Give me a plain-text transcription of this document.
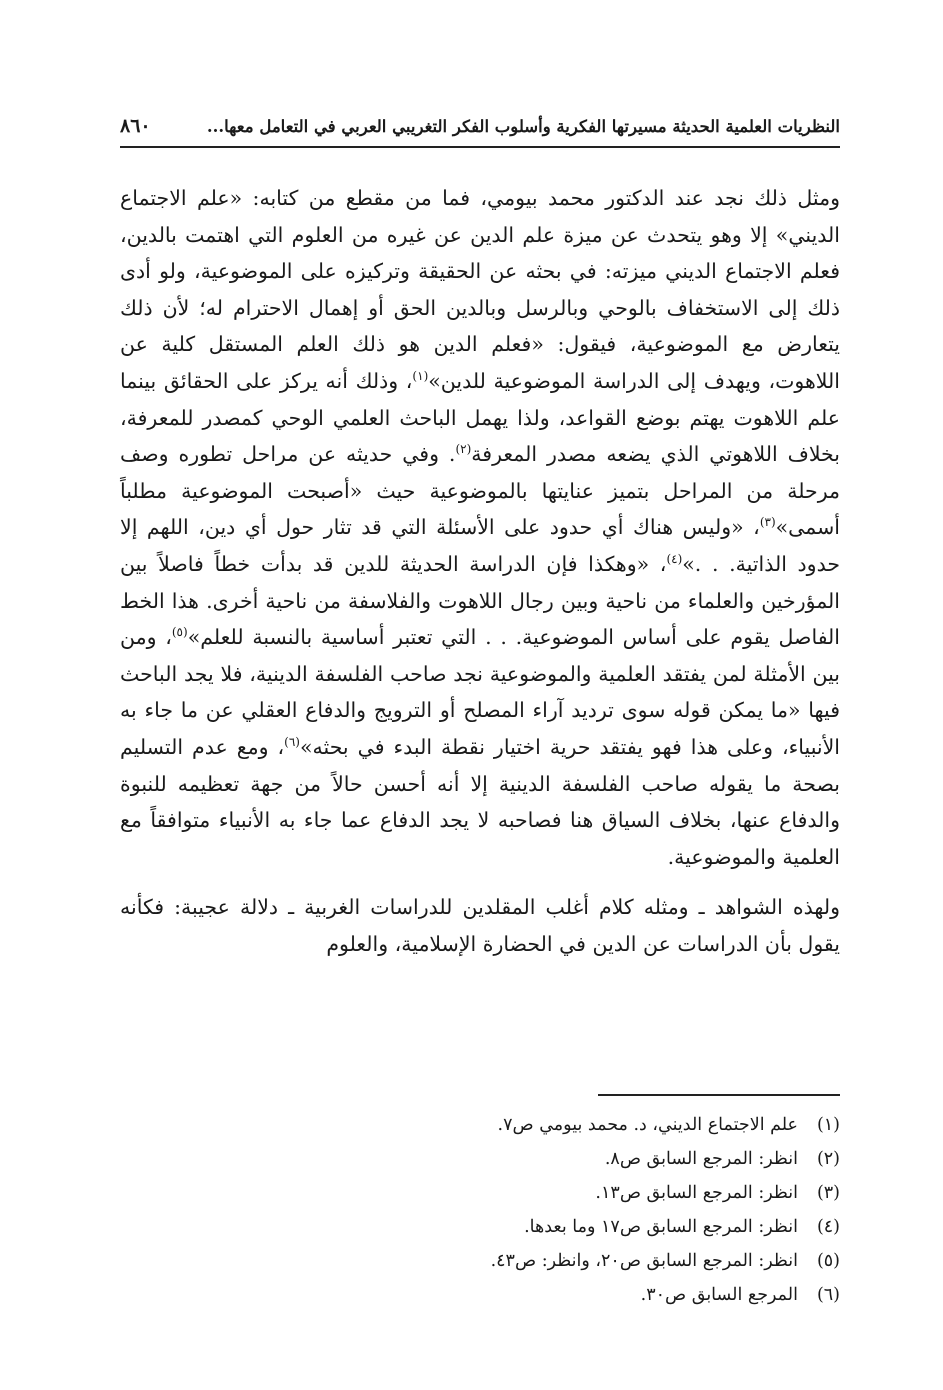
النظريات العلمية الحديثة مسيرتها الفكرية وأسلوب الفكر التغريبي العربي في التعامل معها...
٨٦٠

ومثل ذلك نجد عند الدكتور محمد بيومي، فما من مقطع من كتابه: «علم الاجتماع الديني» إلا وهو يتحدث عن ميزة علم الدين عن غيره من العلوم التي اهتمت بالدين، فعلم الاجتماع الديني ميزته: في بحثه عن الحقيقة وتركيزه على الموضوعية، ولو أدى ذلك إلى الاستخفاف بالوحي وبالرسل وبالدين الحق أو إهمال الاحترام له؛ لأن ذلك يتعارض مع الموضوعية، فيقول: «فعلم الدين هو ذلك العلم المستقل كلية عن اللاهوت، ويهدف إلى الدراسة الموضوعية للدين»$^{(١)}$، وذلك أنه يركز على الحقائق بينما علم اللاهوت يهتم بوضع القواعد، ولذا يهمل الباحث العلمي الوحي كمصدر للمعرفة، بخلاف اللاهوتي الذي يضعه مصدر المعرفة$^{(٢)}$. وفي حديثه عن مراحل تطوره وصف مرحلة من المراحل بتميز عنايتها بالموضوعية حيث «أصبحت الموضوعية مطلباً أسمى»$^{(٣)}$، «وليس هناك أي حدود على الأسئلة التي قد تثار حول أي دين، اللهم إلا حدود الذاتية. . .»$^{(٤)}$، «وهكذا فإن الدراسة الحديثة للدين قد بدأت خطاً فاصلاً بين المؤرخين والعلماء من ناحية وبين رجال اللاهوت والفلاسفة من ناحية أخرى. هذا الخط الفاصل يقوم على أساس الموضوعية. . . التي تعتبر أساسية بالنسبة للعلم»$^{(٥)}$، ومن بين الأمثلة لمن يفتقد العلمية والموضوعية نجد صاحب الفلسفة الدينية، فلا يجد الباحث فيها «ما يمكن قوله سوى ترديد آراء المصلح أو الترويج والدفاع العقلي عن ما جاء به الأنبياء، وعلى هذا فهو يفتقد حرية اختيار نقطة البدء في بحثه»$^{(٦)}$، ومع عدم التسليم بصحة ما يقوله صاحب الفلسفة الدينية إلا أنه أحسن حالاً من جهة تعظيمه للنبوة والدفاع عنها، بخلاف السياق هنا فصاحبه لا يجد الدفاع عما جاء به الأنبياء متوافقاً مع العلمية والموضوعية.

ولهذه الشواهد ـ ومثله كلام أغلب المقلدين للدراسات الغربية ـ دلالة عجيبة: فكأنه يقول بأن الدراسات عن الدين في الحضارة الإسلامية، والعلوم

(١)
علم الاجتماع الديني، د. محمد بيومي ص٧.
(٢)
انظر: المرجع السابق ص٨.
(٣)
انظر: المرجع السابق ص١٣.
(٤)
انظر: المرجع السابق ص١٧ وما بعدها.
(٥)
انظر: المرجع السابق ص٢٠، وانظر: ص٤٣.
(٦)
المرجع السابق ص٣٠.
